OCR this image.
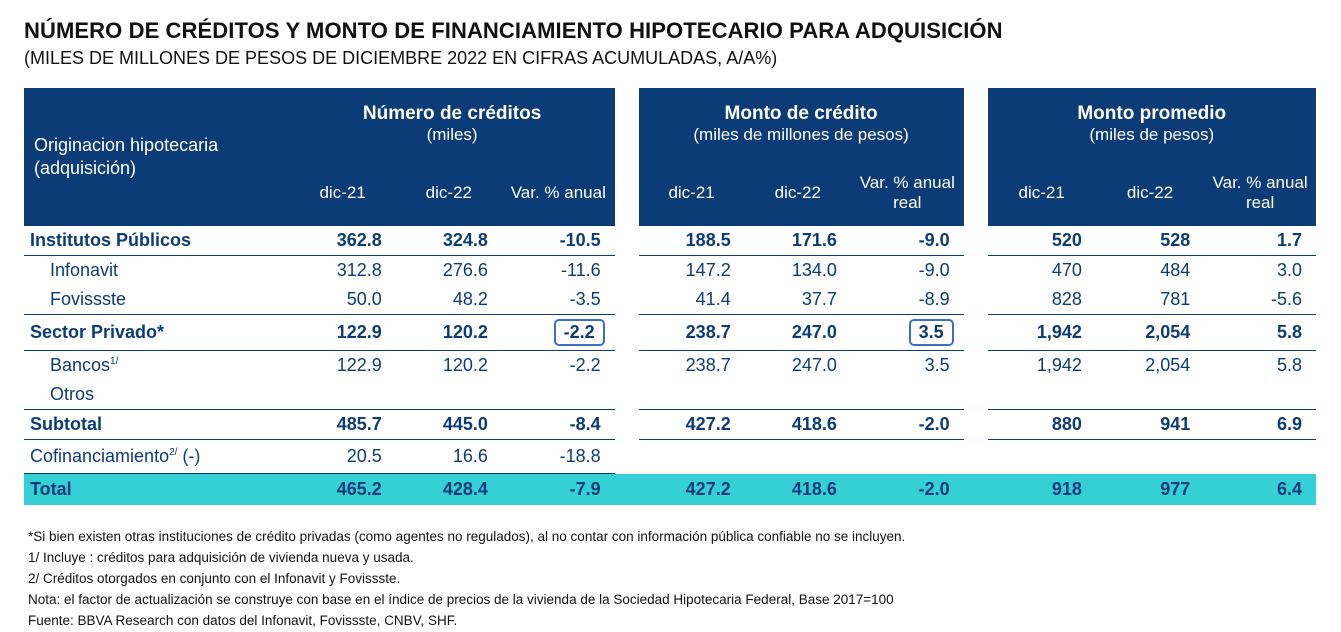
NÚMERO DE CRÉDITOS Y MONTO DE FINANCIAMIENTO HIPOTECARIO PARA ADQUISICIÓN
(MILES DE MILLONES DE PESOS DE DICIEMBRE 2022 EN CIFRAS ACUMULADAS, A/A%)
Originacion hipotecaria
(adquisición)	Número de créditos
(miles)				Monto de crédito
(miles de millones de pesos)				Monto promedio
(miles de pesos)		

	dic-21	dic-22	Var. % anual		dic-21	dic-22	Var. % anual real		dic-21	dic-22	Var. % anual real
Institutos Públicos	362.8	324.8	-10.5		188.5	171.6	-9.0		520	528	1.7
Infonavit	312.8	276.6	-11.6		147.2	134.0	-9.0		470	484	3.0
Fovissste	50.0	48.2	-3.5		41.4	37.7	-8.9		828	781	-5.6
Sector Privado*	122.9	120.2	-2.2		238.7	247.0	3.5		1,942	2,054	5.8
Bancos$^{1/}$	122.9	120.2	-2.2		238.7	247.0	3.5		1,942	2,054	5.8
Otros											
Subtotal	485.7	445.0	-8.4		427.2	418.6	-2.0		880	941	6.9
Cofinanciamiento$^{2/}$ (-)	20.5	16.6	-18.8								
Total	465.2	428.4	-7.9		427.2	418.6	-2.0		918	977	6.4
*Si bien existen otras instituciones de crédito privadas (como agentes no regulados), al no contar con información pública confiable no se incluyen.
1/ Incluye : créditos para adquisición de vivienda nueva y usada.
2/ Créditos otorgados en conjunto con el Infonavit y Fovissste.
Nota: el factor de actualización se construye con base en el índice de precios de la vivienda de la Sociedad Hipotecaria Federal, Base 2017=100
Fuente: BBVA Research con datos del Infonavit, Fovissste, CNBV, SHF.
